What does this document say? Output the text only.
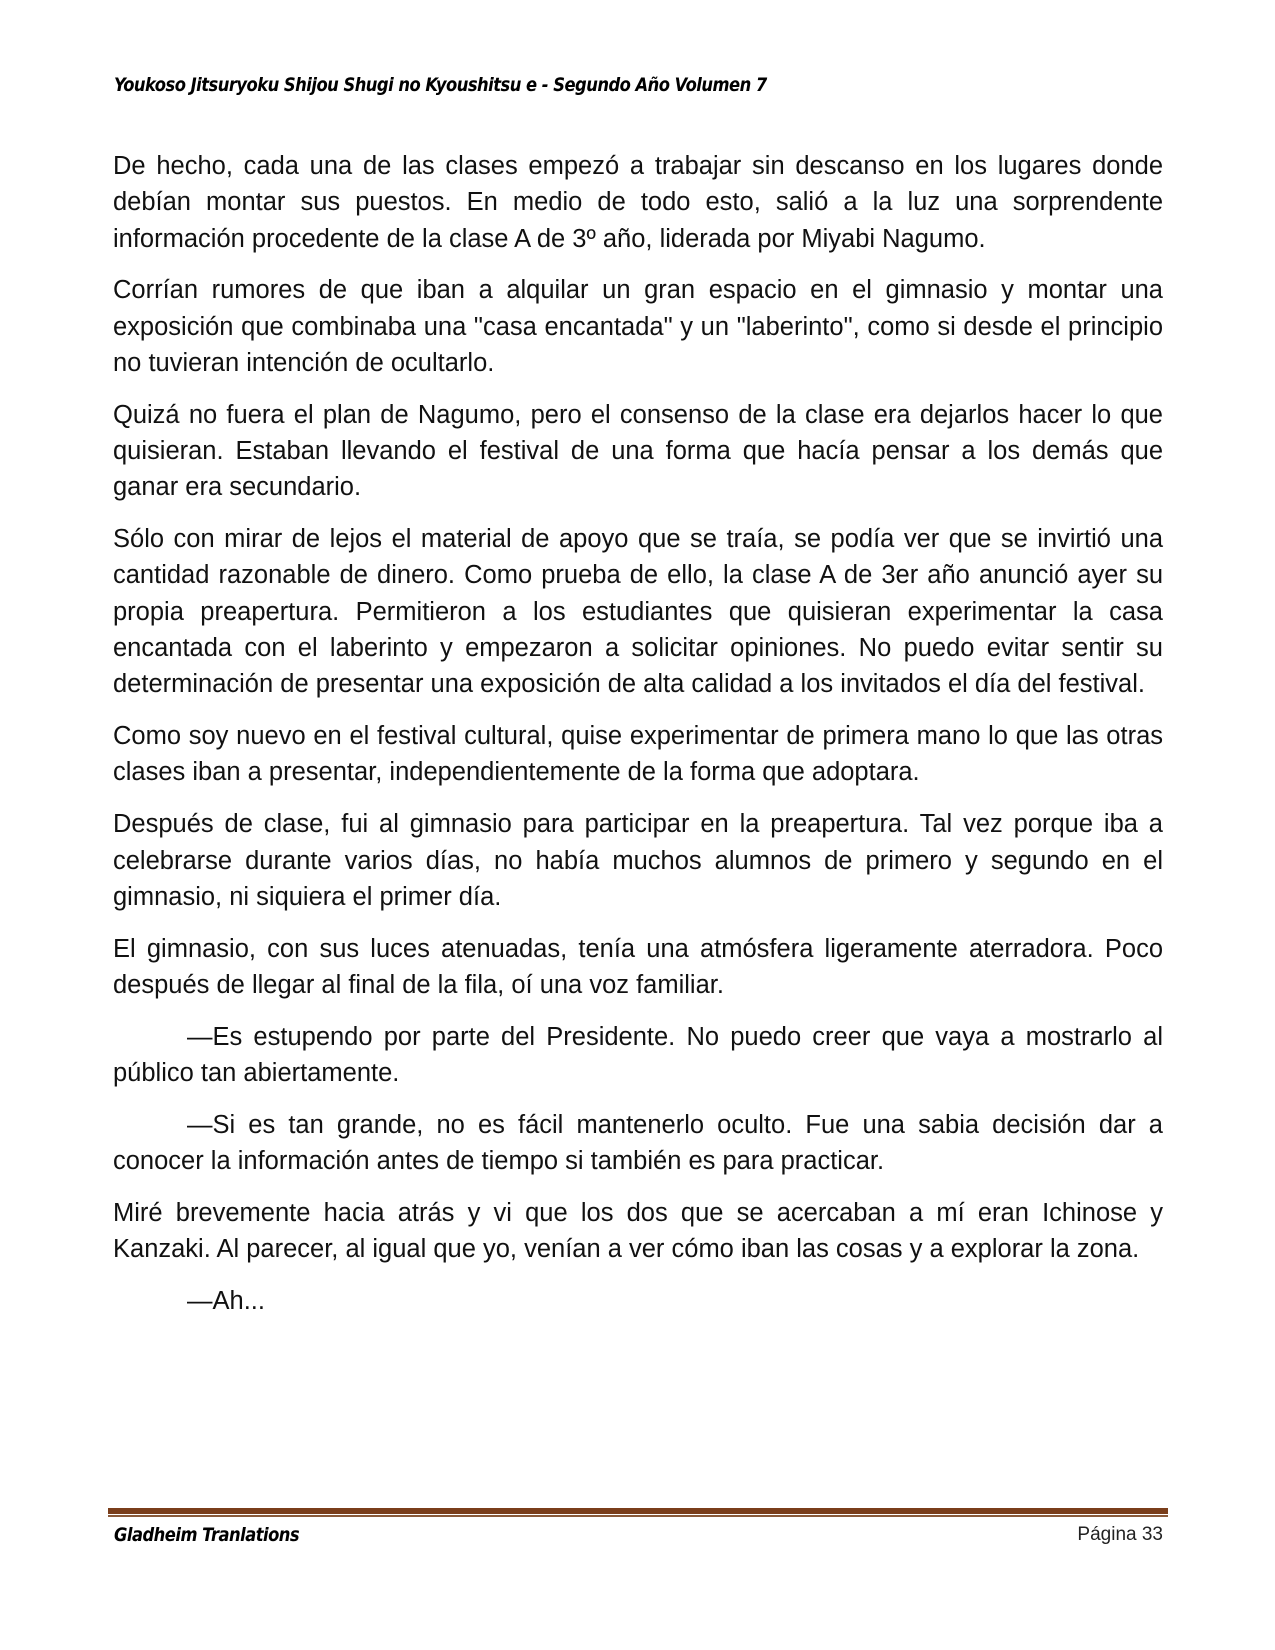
Youkoso Jitsuryoku Shijou Shugi no Kyoushitsu e - Segundo Año Volumen 7

De hecho, cada una de las clases empezó a trabajar sin descanso en los lugares donde debían montar sus puestos. En medio de todo esto, salió a la luz una sorprendente información procedente de la clase A de 3º año, liderada por Miyabi Nagumo.

Corrían rumores de que iban a alquilar un gran espacio en el gimnasio y montar una exposición que combinaba una "casa encantada" y un "laberinto", como si desde el principio no tuvieran intención de ocultarlo.

Quizá no fuera el plan de Nagumo, pero el consenso de la clase era dejarlos hacer lo que quisieran. Estaban llevando el festival de una forma que hacía pensar a los demás que ganar era secundario.

Sólo con mirar de lejos el material de apoyo que se traía, se podía ver que se invirtió una cantidad razonable de dinero. Como prueba de ello, la clase A de 3er año anunció ayer su propia preapertura. Permitieron a los estudiantes que quisieran experimentar la casa encantada con el laberinto y empezaron a solicitar opiniones. No puedo evitar sentir su determinación de presentar una exposición de alta calidad a los invitados el día del festival.

Como soy nuevo en el festival cultural, quise experimentar de primera mano lo que las otras clases iban a presentar, independientemente de la forma que adoptara.

Después de clase, fui al gimnasio para participar en la preapertura. Tal vez porque iba a celebrarse durante varios días, no había muchos alumnos de primero y segundo en el gimnasio, ni siquiera el primer día.

El gimnasio, con sus luces atenuadas, tenía una atmósfera ligeramente aterradora. Poco después de llegar al final de la fila, oí una voz familiar.

—Es estupendo por parte del Presidente. No puedo creer que vaya a mostrarlo al público tan abiertamente.

—Si es tan grande, no es fácil mantenerlo oculto. Fue una sabia decisión dar a conocer la información antes de tiempo si también es para practicar.

Miré brevemente hacia atrás y vi que los dos que se acercaban a mí eran Ichinose y Kanzaki. Al parecer, al igual que yo, venían a ver cómo iban las cosas y a explorar la zona.

—Ah...

Gladheim Tranlations	Página 33
